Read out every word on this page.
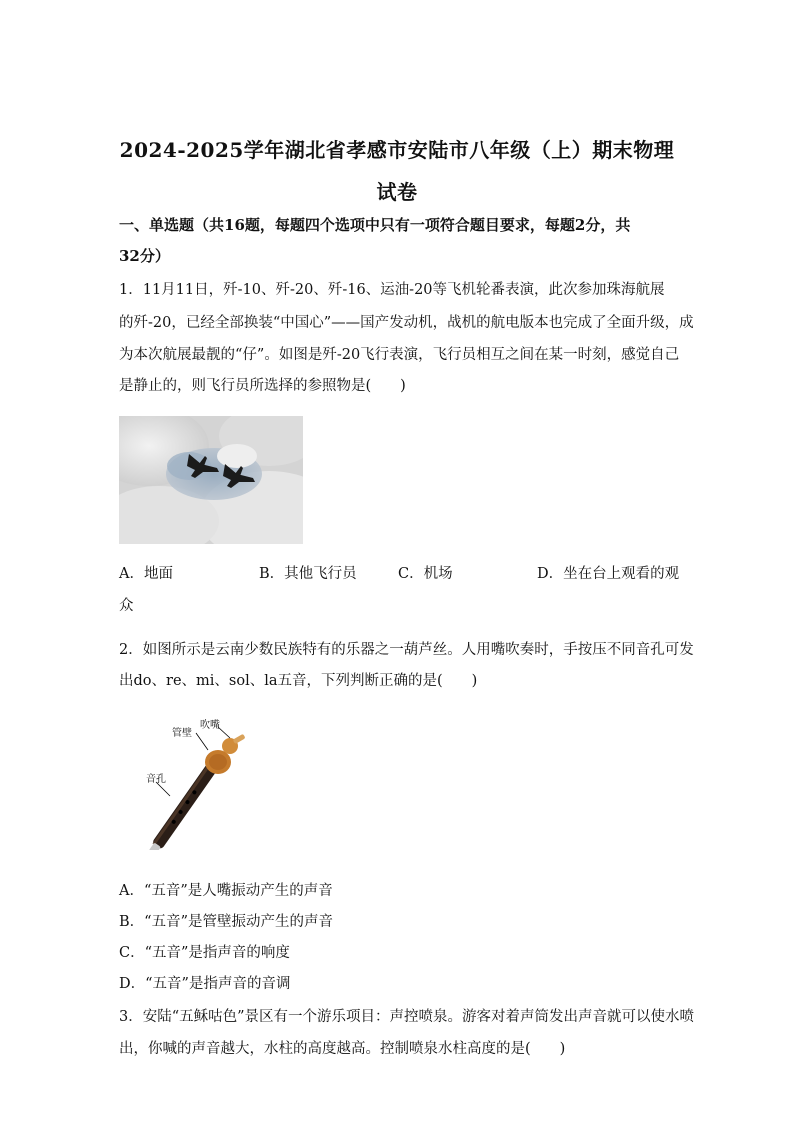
2024-2025学年湖北省孝感市安陆市八年级（上）期末物理
试卷
一、单选题（共16题，每题四个选项中只有一项符合题目要求，每题2分，共
32分）
1．11月11日，歼-10、歼-20、歼-16、运油-20等飞机轮番表演，此次参加珠海航展
的歼-20，已经全部换装“中国心”——国产发动机，战机的航电版本也完成了全面升级，成
为本次航展最靓的“仔”。如图是歼-20飞行表演，飞行员相互之间在某一时刻，感觉自己
是静止的，则飞行员所选择的参照物是(　　)
A．地面	B．其他飞行员	C．机场	D．坐在台上观看的观
众
2．如图所示是云南少数民族特有的乐器之一葫芦丝。人用嘴吹奏时，手按压不同音孔可发
出do、re、mi、sol、la五音，下列判断正确的是(　　)
管壁
吹嘴
音孔
A．“五音”是人嘴振动产生的声音
B．“五音”是管壁振动产生的声音
C．“五音”是指声音的响度
D．“五音”是指声音的音调
3．安陆“五稣咕色”景区有一个游乐项目：声控喷泉。游客对着声筒发出声音就可以使水喷
出，你喊的声音越大，水柱的高度越高。控制喷泉水柱高度的是(　　)
